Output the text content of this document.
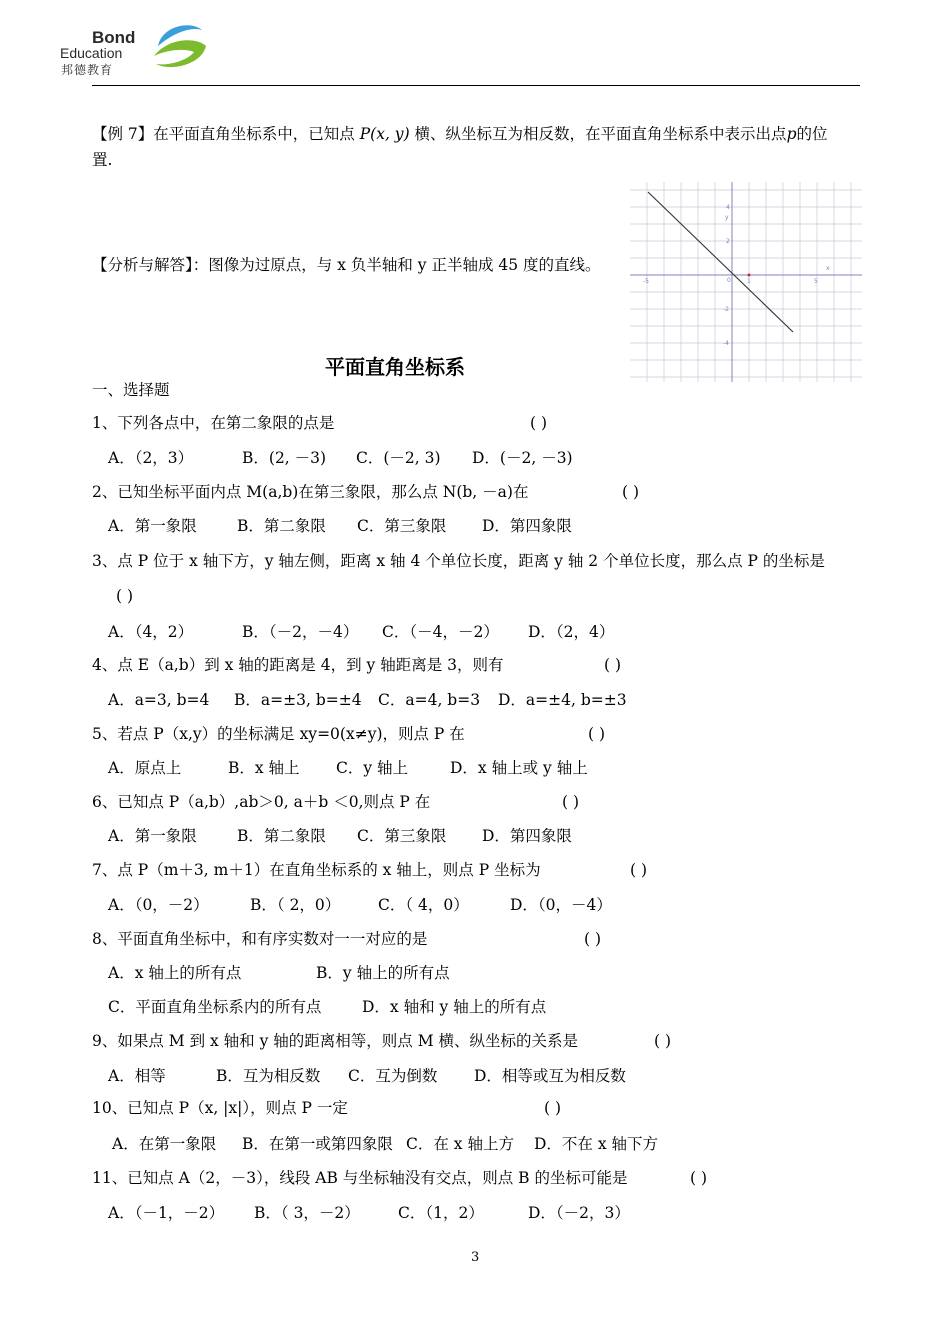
Bond
Education
邦德教育
【例 7】在平面直角坐标系中，已知点 P(x, y) 横、纵坐标互为相反数，在平面直角坐标系中表示出点p的位
置.
【分析与解答】：图像为过原点，与 x 负半轴和 y 正半轴成 45 度的直线。
y
x
4
2
-2
-4
-5	0	1	5
平面直角坐标系
一、选择题
1、下列各点中，在第二象限的点是	( )
A．（2，3）	B．(2, －3) C．(－2, 3) D．(－2, －3)
2、已知坐标平面内点 M(a,b)在第三象限，那么点 N(b, －a)在	( )
A．第一象限	B．第二象限 C．第三象限 D．第四象限
3、点 P 位于 x 轴下方，y 轴左侧，距离 x 轴 4 个单位长度，距离 y 轴 2 个单位长度，那么点 P 的坐标是
( )
A．（4，2）	B．（－2，－4） C．（－4，－2） D．（2，4）
4、点 E（a,b）到 x 轴的距离是 4，到 y 轴距离是 3，则有	( )
A．a=3, b=4 B．a=±3, b=±4 C．a=4, b=3 D．a=±4, b=±3
5、若点 P（x,y）的坐标满足 xy=0(x≠y)，则点 P 在	( )
A．原点上	B．x 轴上 C．y 轴上	D．x 轴上或 y 轴上
6、已知点 P（a,b）,ab＞0, a＋b ＜0,则点 P 在	( )
A．第一象限	B．第二象限 C．第三象限 D．第四象限
7、点 P（m＋3, m＋1）在直角坐标系的 x 轴上，则点 P 坐标为	( )
A．（0，－2）	B．（ 2，0） C．（ 4，0）	D．（0，－4）
8、平面直角坐标中，和有序实数对一一对应的是	( )
A．x 轴上的所有点	B．y 轴上的所有点
C．平面直角坐标系内的所有点	D．x 轴和 y 轴上的所有点
9、如果点 M 到 x 轴和 y 轴的距离相等，则点 M 横、纵坐标的关系是	( )
A．相等	B．互为相反数 C．互为倒数 D．相等或互为相反数
10、已知点 P（x, |x|），则点 P 一定	( )
A．在第一象限 B．在第一或第四象限 C．在 x 轴上方 D．不在 x 轴下方
11、已知点 A（2，－3），线段 AB 与坐标轴没有交点，则点 B 的坐标可能是	( )
A．（－1，－2） B．（ 3，－2） C．（1，2）	D．（－2，3）
3
